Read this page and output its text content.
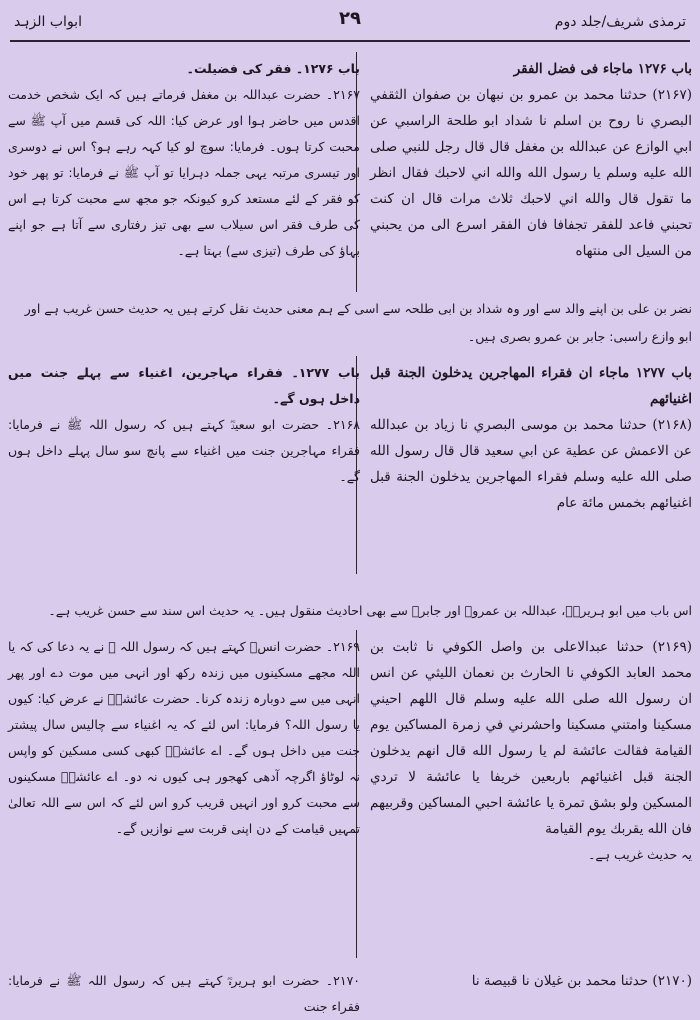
ابواب الزہد	۲۹	ترمذی شریف/جلد دوم
باب ۱۲۷۶۔ فقر کی فضیلت۔
۲۱۶۷۔ حضرت عبداللہ بن مغفل فرماتے ہیں کہ ایک شخص خدمت اقدس میں حاضر ہوا اور عرض کیا: اللہ کی قسم میں آپ ﷺ سے محبت کرتا ہوں۔ فرمایا: سوچ لو کیا کہہ رہے ہو؟ اس نے دوسری اور تیسری مرتبہ یہی جملہ دہرایا تو آپ ﷺ نے فرمایا: تو پھر خود کو فقر کے لئے مستعد کرو کیونکہ جو مجھ سے محبت کرتا ہے اس کی طرف فقر اس سیلاب سے بھی تیز رفتاری سے آتا ہے جو اپنے بہاؤ کی طرف (تیزی سے) بہتا ہے۔
باب ۱۲۷۶ ماجاء فی فضل الفقر
(۲۱۶۷) حدثنا محمد بن عمرو بن نبهان بن صفوان الثقفي البصري نا روح بن اسلم نا شداد ابو طلحة الراسبي عن ابي الوازع عن عبدالله بن مغفل قال قال رجل للنبي صلى الله عليه وسلم يا رسول الله والله اني لاحبك فقال انظر ما تقول قال والله اني لاحبك ثلاث مرات قال ان كنت تحبني فاعد للفقر تجفافا فان الفقر اسرع الى من يحبني من السيل الى منتهاه
نضر بن علی بن اپنے والد سے اور وہ شداد بن ابی طلحہ سے اسی کے ہم معنی حدیث نقل کرتے ہیں یہ حدیث حسن غریب ہے اور
ابو وازع راسبی: جابر بن عمرو بصری ہیں۔
باب ۱۲۷۷۔ فقراء مہاجرین، اغنیاء سے پہلے جنت میں داخل ہوں گے۔
۲۱۶۸۔ حضرت ابو سعیدؓ کہتے ہیں کہ رسول اللہ ﷺ نے فرمایا: فقراء مہاجرین جنت میں اغنیاء سے پانچ سو سال پہلے داخل ہوں گے۔
باب ۱۲۷۷ ماجاء ان فقراء المهاجرين يدخلون الجنة قبل اغنيائهم
(۲۱۶۸) حدثنا محمد بن موسى البصري نا زياد بن عبدالله عن الاعمش عن عطية عن ابي سعيد قال قال رسول الله صلى الله عليه وسلم فقراء المهاجرين يدخلون الجنة قبل اغنيائهم بخمس مائة عام
اس باب میں ابو ہریرہؓ، عبداللہ بن عمروؓ اور جابرؓ سے بھی احادیث منقول ہیں۔ یہ حدیث اس سند سے حسن غریب ہے۔
۲۱۶۹۔ حضرت انسؓ کہتے ہیں کہ رسول اللہ ﷺ نے یہ دعا کی کہ یا اللہ مجھے مسکینوں میں زندہ رکھ اور انہی میں موت دے اور پھر انہی میں سے دوبارہ زندہ کرنا۔ حضرت عائشہؓ نے عرض کیا: کیوں یا رسول اللہ؟ فرمایا: اس لئے کہ یہ اغنیاء سے چالیس سال پیشتر جنت میں داخل ہوں گے۔ اے عائشہؓ کبھی کسی مسکین کو واپس نہ لوٹاؤ اگرچہ آدھی کھجور ہی کیوں نہ دو۔ اے عائشہؓ مسکینوں سے محبت کرو اور انہیں قریب کرو اس لئے کہ اس سے اللہ تعالیٰ تمہیں قیامت کے دن اپنی قربت سے نوازیں گے۔
(۲۱۶۹) حدثنا عبدالاعلى بن واصل الكوفي نا ثابت بن محمد العابد الكوفي نا الحارث بن نعمان الليثي عن انس ان رسول الله صلى الله عليه وسلم قال اللهم احيني مسكينا وامتني مسكينا واحشرني في زمرة المساكين يوم القيامة فقالت عائشة لم يا رسول الله قال انهم يدخلون الجنة قبل اغنيائهم باربعين خريفا يا عائشة لا تردي المسكين ولو بشق تمرة يا عائشة احبي المساكين وقربيهم فان الله يقربك يوم القيامة
یہ حدیث غریب ہے۔
۲۱۷۰۔ حضرت ابو ہریرہؓ کہتے ہیں کہ رسول اللہ ﷺ نے فرمایا: فقراء جنت
(۲۱۷۰) حدثنا محمد بن غيلان نا قبيصة نا
